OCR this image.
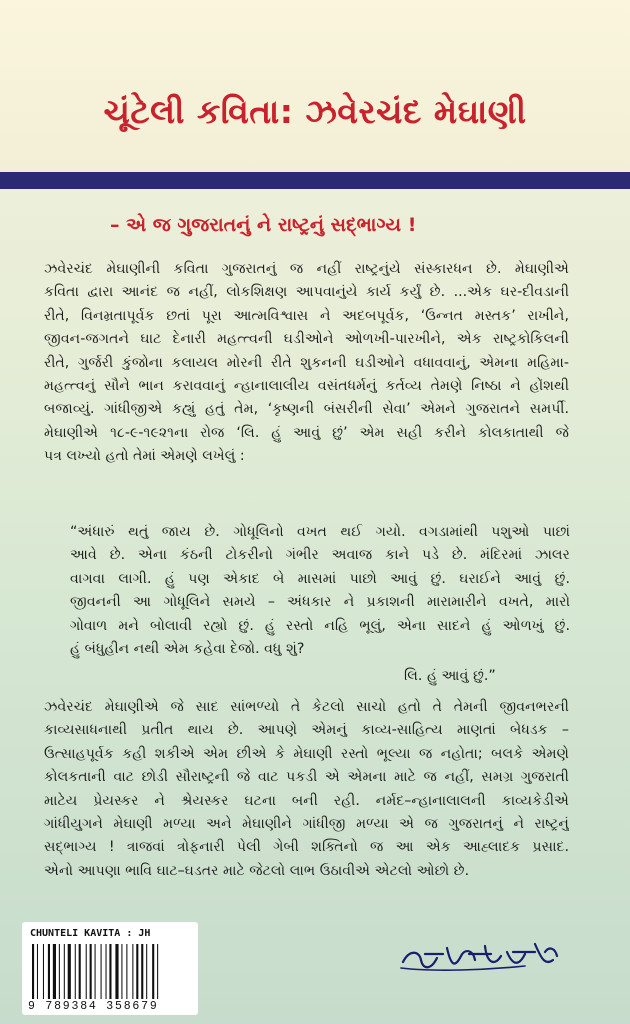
ચૂંટેલી કવિતા: ઝવેરચંદ મેઘાણી
– એ જ ગુજરાતનું ને રાષ્ટ્રનું સદ્ભાગ્ય !

ઝવેરચંદ મેઘાણીની કવિતા ગુજરાતનું જ નહીં રાષ્ટ્રનુંયે સંસ્કારધન છે. મેઘાણીએ
કવિતા દ્વારા આનંદ જ નહીં, લોકશિક્ષણ આપવાનુંયે કાર્ય કર્યું છે. ...એક ઘર-દીવડાની
રીતે, વિનમ્રતાપૂર્વક છતાં પૂરા આત્મવિશ્વાસ ને અદબપૂર્વક, ‘ઉન્નત મસ્તક’ રાખીને,
જીવન-જગતને ઘાટ દેનારી મહત્ત્વની ઘડીઓને ઓળખી-પારખીને, એક રાષ્ટ્રકોકિલની
રીતે, ગુર્જરી કુંજોના કલાયલ મોરની રીતે શુકનની ઘડીઓને વધાવવાનું, એમના મહિમા-
મહત્ત્વનું સૌને ભાન કરાવવાનું ન્હાનાલાલીય વસંતધર્મનું કર્તવ્ય તેમણે નિષ્ઠા ને હોંશથી
બજાવ્યું. ગાંધીજીએ કહ્યું હતું તેમ, ‘કૃષ્ણની બંસરીની સેવા’ એમને ગુજરાતને સમર્પી.
મેઘાણીએ ૧૮-૯-૧૯૨૧ના રોજ ‘લિ. હું આવું છું’ એમ સહી કરીને કોલકાતાથી જે
પત્ર લખ્યો હતો તેમાં એમણે લખેલું :

“અંધારું થતું જાય છે. ગોધૂલિનો વખત થઈ ગયો. વગડામાંથી પશુઓ પાછાં
આવે છે. એના કંઠની ટોકરીનો ગંભીર અવાજ કાને પડે છે. મંદિરમાં ઝાલર
વાગવા લાગી. હું પણ એકાદ બે માસમાં પાછો આવું છું. ઘરાઈને આવું છું.
જીવનની આ ગોધૂલિને સમયે – અંધકાર ને પ્રકાશની મારામારીને વખતે, મારો
ગોવાળ મને બોલાવી રહ્યો છું. હું રસ્તો નહિ ભૂલું, એના સાદને હું ઓળખું છું.
હું બંધુહીન નથી એમ કહેવા દેજો. વધુ શું?

લિ. હું આવું છું.”

ઝવેરચંદ મેઘાણીએ જે સાદ સાંભળ્યો તે કેટલો સાચો હતો તે તેમની જીવનભરની
કાવ્યસાધનાથી પ્રતીત થાય છે. આપણે એમનું કાવ્ય-સાહિત્ય માણતાં બેધડક –
ઉત્સાહપૂર્વક કહી શકીએ એમ છીએ કે મેઘાણી રસ્તો ભૂલ્યા જ નહોતા; બલકે એમણે
કોલકતાની વાટ છોડી સૌરાષ્ટ્રની જે વાટ પકડી એ એમના માટે જ નહીં, સમગ્ર ગુજરાતી
માટેય પ્રેયસ્કર ને શ્રેયસ્કર ઘટના બની રહી. નર્મદ–ન્હાનાલાલની કાવ્યકેડીએ
ગાંધીયુગને મેઘાણી મળ્યા અને મેઘાણીને ગાંધીજી મળ્યા એ જ ગુજરાતનું ને રાષ્ટ્રનું
સદ્ભાગ્ય ! ત્રાજવાં ત્રોફનારી પેલી ગેબી શક્તિનો જ આ એક આહ્લાદક પ્રસાદ.
એનો આપણા ભાવિ ઘાટ–ઘડતર માટે જેટલો લાભ ઉઠાવીએ એટલો ઓછો છે.

CHUNTELI KAVITA : JH
9 789384 358679
